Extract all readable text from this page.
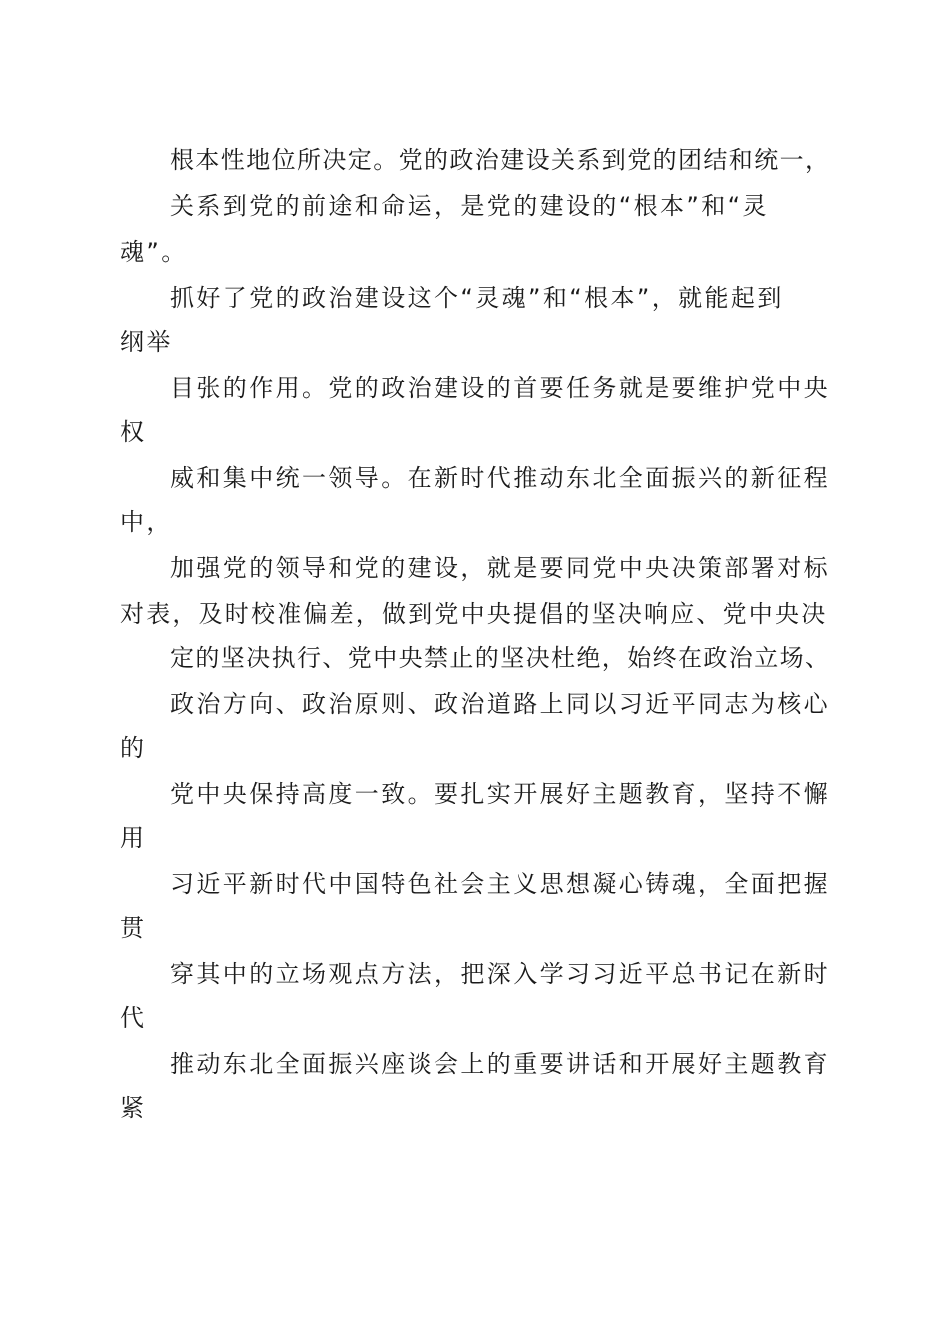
根本性地位所决定。党的政治建设关系到党的团结和统一，
关系到党的前途和命运，是党的建设的“根本”和“灵
魂”。
抓好了党的政治建设这个“灵魂”和“根本”，就能起到
纲举
目张的作用。党的政治建设的首要任务就是要维护党中央
权
威和集中统一领导。在新时代推动东北全面振兴的新征程
中，
加强党的领导和党的建设，就是要同党中央决策部署对标
对表，及时校准偏差，做到党中央提倡的坚决响应、党中央决
定的坚决执行、党中央禁止的坚决杜绝，始终在政治立场、
政治方向、政治原则、政治道路上同以习近平同志为核心
的
党中央保持高度一致。要扎实开展好主题教育，坚持不懈
用
习近平新时代中国特色社会主义思想凝心铸魂，全面把握
贯
穿其中的立场观点方法，把深入学习习近平总书记在新时
代
推动东北全面振兴座谈会上的重要讲话和开展好主题教育
紧
